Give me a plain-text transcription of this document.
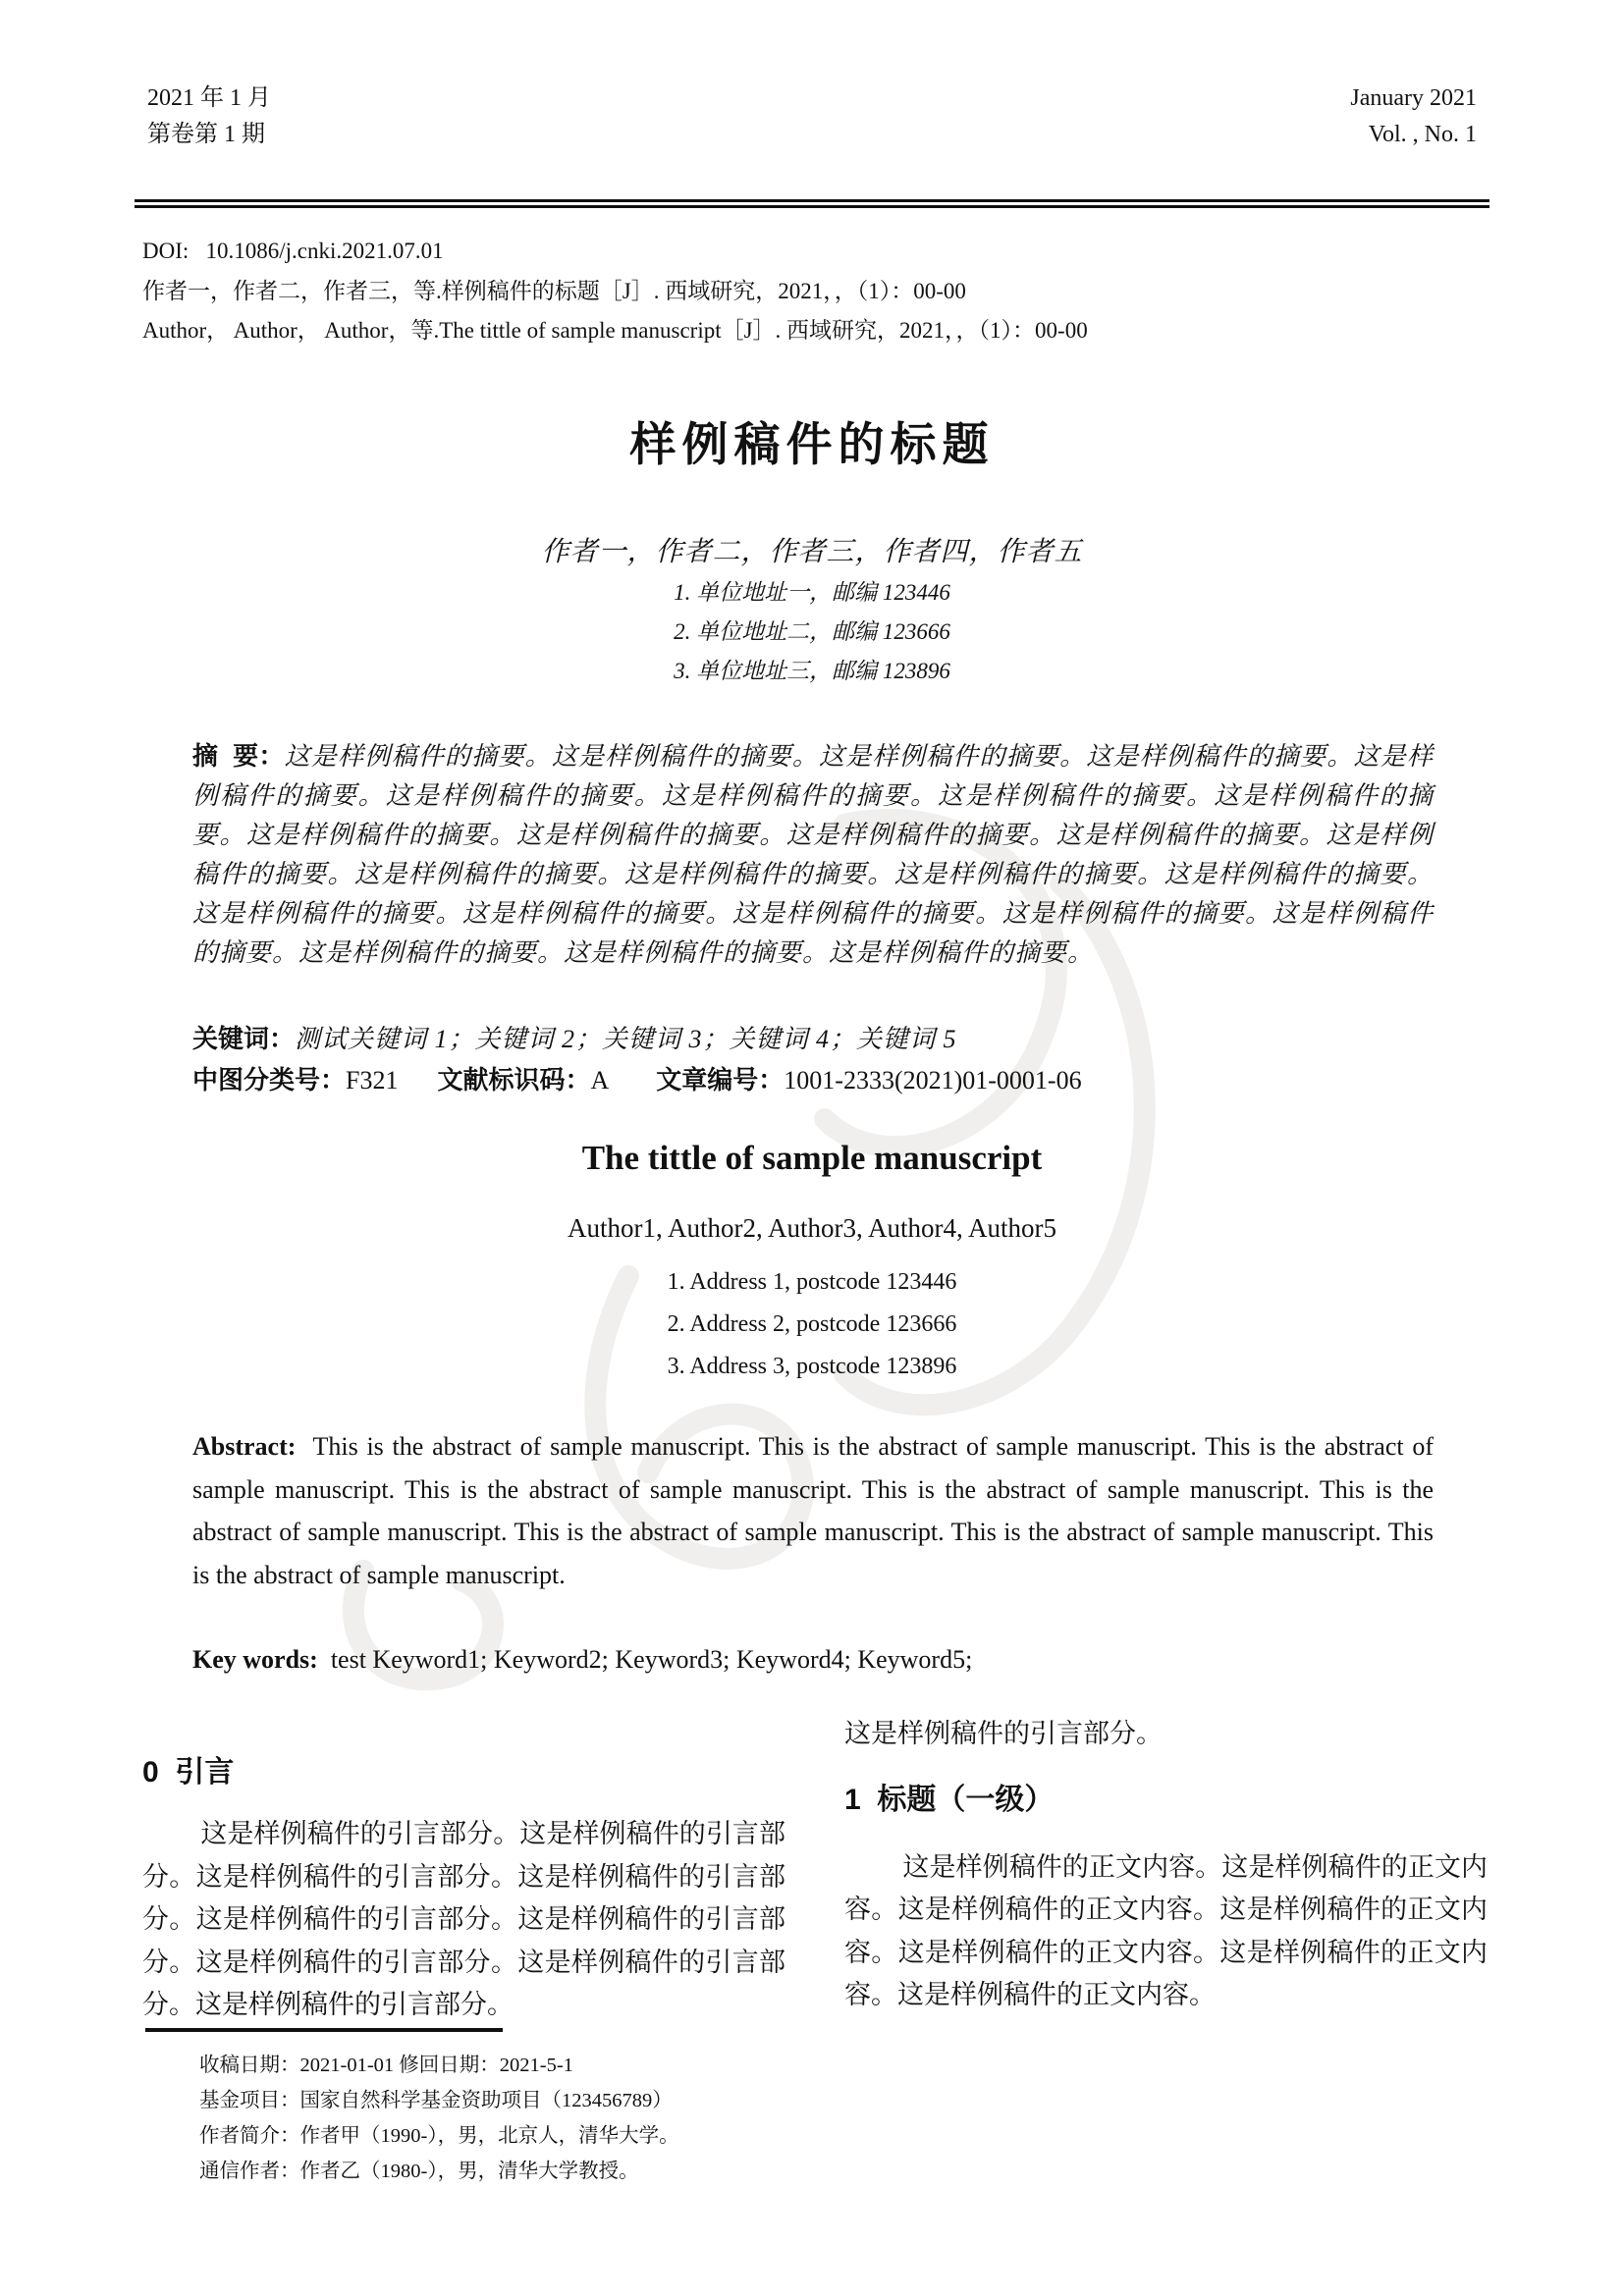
2021 年 1 月
第卷第 1 期
January 2021
Vol. , No. 1
DOI:   10.1086/j.cnki.2021.07.01
作者一，作者二，作者三，等.样例稿件的标题［J］. 西域研究，2021，，（1）：00-00
Author， Author， Author，等.The tittle of sample manuscript［J］. 西域研究，2021，，（1）：00-00
样例稿件的标题
作者一，作者二，作者三，作者四，作者五
1. 单位地址一，邮编 123446
2. 单位地址二，邮编 123666
3. 单位地址三，邮编 123896
摘  要：这是样例稿件的摘要。这是样例稿件的摘要。这是样例稿件的摘要。这是样例稿件的摘要。这是样例稿件的摘要。这是样例稿件的摘要。这是样例稿件的摘要。这是样例稿件的摘要。这是样例稿件的摘要。这是样例稿件的摘要。这是样例稿件的摘要。这是样例稿件的摘要。这是样例稿件的摘要。这是样例稿件的摘要。这是样例稿件的摘要。这是样例稿件的摘要。这是样例稿件的摘要。这是样例稿件的摘要。这是样例稿件的摘要。这是样例稿件的摘要。这是样例稿件的摘要。这是样例稿件的摘要。这是样例稿件的摘要。这是样例稿件的摘要。这是样例稿件的摘要。这是样例稿件的摘要。
关键词：测试关键词 1；关键词 2；关键词 3；关键词 4；关键词 5
中图分类号：F321 文献标识码：A 文章编号：1001-2333(2021)01-0001-06
The tittle of sample manuscript
Author1, Author2, Author3, Author4, Author5
1. Address 1, postcode 123446
2. Address 2, postcode 123666
3. Address 3, postcode 123896
Abstract:  This is the abstract of sample manuscript. This is the abstract of sample manuscript. This is the abstract of sample manuscript. This is the abstract of sample manuscript. This is the abstract of sample manuscript. This is the abstract of sample manuscript. This is the abstract of sample manuscript. This is the abstract of sample manuscript. This is the abstract of sample manuscript.
Key words:  test Keyword1; Keyword2; Keyword3; Keyword4; Keyword5;
0  引言

这是样例稿件的引言部分。这是样例稿件的引言部分。这是样例稿件的引言部分。这是样例稿件的引言部分。这是样例稿件的引言部分。这是样例稿件的引言部分。这是样例稿件的引言部分。这是样例稿件的引言部分。这是样例稿件的引言部分。

这是样例稿件的引言部分。

1  标题（一级）

这是样例稿件的正文内容。这是样例稿件的正文内容。这是样例稿件的正文内容。这是样例稿件的正文内容。这是样例稿件的正文内容。这是样例稿件的正文内容。这是样例稿件的正文内容。

收稿日期：2021-01-01 修回日期：2021-5-1
基金项目：国家自然科学基金资助项目（123456789）
作者简介：作者甲（1990-），男，北京人，清华大学。
通信作者：作者乙（1980-），男，清华大学教授。
